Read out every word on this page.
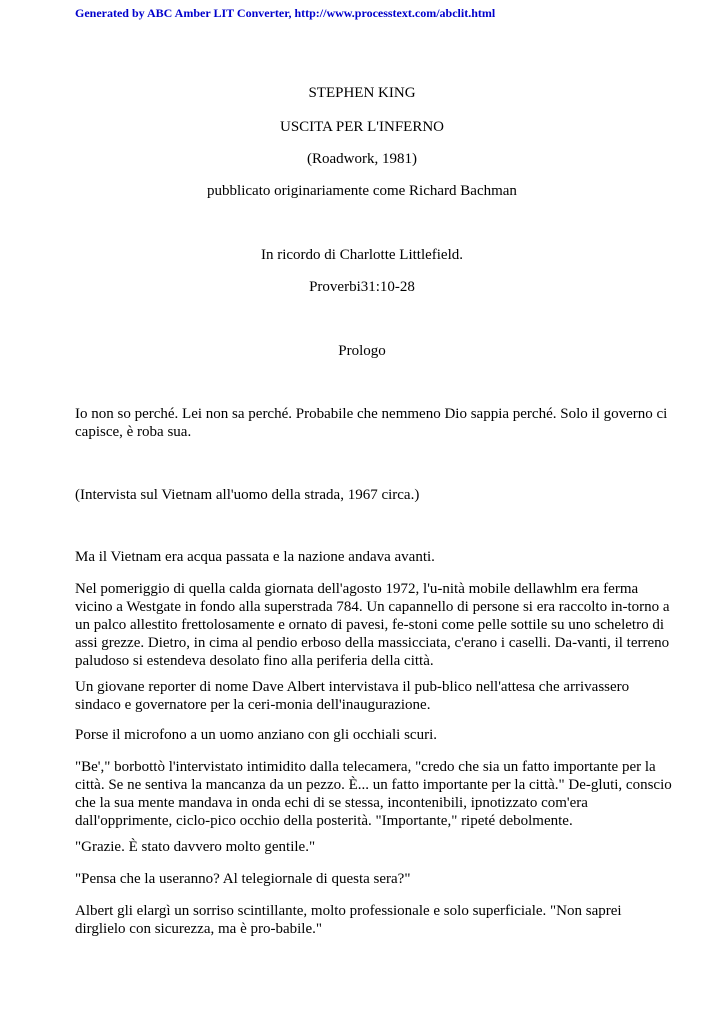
Generated by ABC Amber LIT Converter, http://www.processtext.com/abclit.html
STEPHEN KING
USCITA PER L'INFERNO
(Roadwork, 1981)
pubblicato originariamente come Richard Bachman
In ricordo di Charlotte Littlefield.
Proverbi31:10-28
Prologo
Io non so perché. Lei non sa perché. Probabile che nemmeno Dio sappia perché. Solo il governo ci
capisce, è roba sua.
(Intervista sul Vietnam all'uomo della strada, 1967 circa.)
Ma il Vietnam era acqua passata e la nazione andava avanti.
Nel pomeriggio di quella calda giornata dell'agosto 1972, l'u-nità mobile dellawhlm era ferma
vicino a Westgate in fondo alla superstrada 784. Un capannello di persone si era raccolto in-torno a
un palco allestito frettolosamente e ornato di pavesi, fe-stoni come pelle sottile su uno scheletro di
assi grezze. Dietro, in cima al pendio erboso della massicciata, c'erano i caselli. Da-vanti, il terreno
paludoso si estendeva desolato fino alla periferia della città.
Un giovane reporter di nome Dave Albert intervistava il pub-blico nell'attesa che arrivassero
sindaco e governatore per la ceri-monia dell'inaugurazione.
Porse il microfono a un uomo anziano con gli occhiali scuri.
"Be'," borbottò l'intervistato intimidito dalla telecamera, "credo che sia un fatto importante per la
città. Se ne sentiva la mancanza da un pezzo. È... un fatto importante per la città." De-gluti, conscio
che la sua mente mandava in onda echi di se stessa, incontenibili, ipnotizzato com'era
dall'opprimente, ciclo-pico occhio della posterità. "Importante," ripeté debolmente.
"Grazie. È stato davvero molto gentile."
"Pensa che la useranno? Al telegiornale di questa sera?"
Albert gli elargì un sorriso scintillante, molto professionale e solo superficiale. "Non saprei
dirglielo con sicurezza, ma è pro-babile."
